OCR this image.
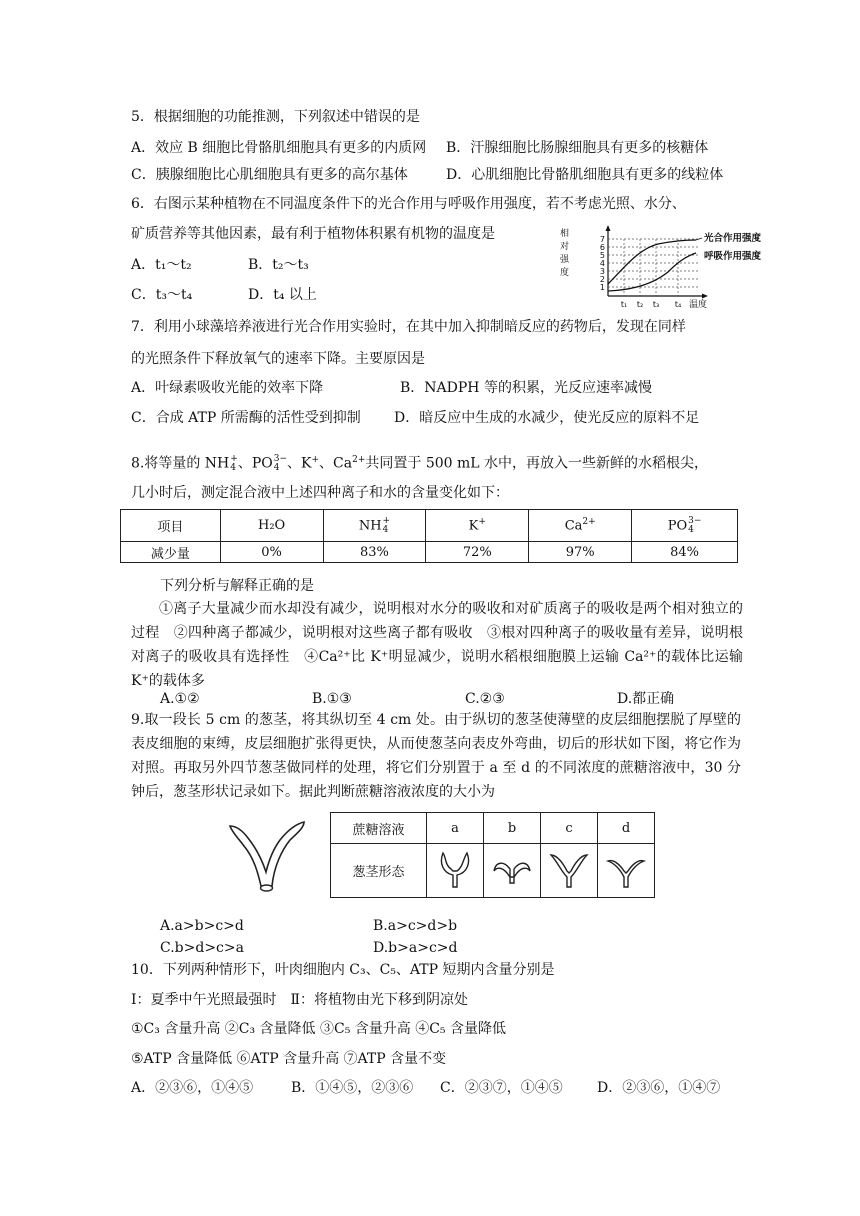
5．根据细胞的功能推测，下列叙述中错误的是
A．效应 B 细胞比骨骼肌细胞具有更多的内质网 B．汗腺细胞比肠腺细胞具有更多的核糖体
C．胰腺细胞比心肌细胞具有更多的高尔基体	D．心肌细胞比骨骼肌细胞具有更多的线粒体
6．右图示某种植物在不同温度条件下的光合作用与呼吸作用强度，若不考虑光照、水分、
矿质营养等其他因素，最有利于植物体积累有机物的温度是
A．t₁～t₂	B．t₂～t₃
C．t₃～t₄	D．t₄ 以上
相对强度
1
2
3
4
5
6
7
t₁ t₂ t₃ t₄ 温度
光合作用强度
呼吸作用强度
7．利用小球藻培养液进行光合作用实验时，在其中加入抑制暗反应的药物后，发现在同样
的光照条件下释放氧气的速率下降。主要原因是
A．叶绿素吸收光能的效率下降	B．NADPH 等的积累，光反应速率减慢
C．合成 ATP 所需酶的活性受到抑制 D．暗反应中生成的水减少，使光反应的原料不足
8.将等量的 NH +
4 、PO 3−
4 、K+、$Ca^{2+}$共同置于 500 mL 水中，再放入一些新鲜的水稻根尖，
几小时后，测定混合液中上述四种离子和水的含量变化如下：
项目	H₂O	NH +
4	K+	$Ca^{2+}$	PO 3−
4

减少量	0%	83%	72%	97%	84%
下列分析与解释正确的是
①离子大量减少而水却没有减少，说明根对水分的吸收和对矿质离子的吸收是两个相对独立的过程　②四种离子都减少，说明根对这些离子都有吸收　③根对四种离子的吸收量有差异，说明根对离子的吸收具有选择性　④Ca²⁺比 K⁺明显减少，说明水稻根细胞膜上运输 Ca²⁺的载体比运输 K⁺的载体多
A.①②	B.①③	C.②③	D.都正确
9.取一段长 5 cm 的葱茎，将其纵切至 4 cm 处。由于纵切的葱茎使薄壁的皮层细胞摆脱了厚壁的表皮细胞的束缚，皮层细胞扩张得更快，从而使葱茎向表皮外弯曲，切后的形状如下图，将它作为对照。再取另外四节葱茎做同样的处理，将它们分别置于 a 至 d 的不同浓度的蔗糖溶液中，30 分钟后，葱茎形状记录如下。据此判断蔗糖溶液浓度的大小为
蔗糖溶液	a	b	c	d
葱茎形态				
A.a>b>c>d	B.a>c>d>b
C.b>d>c>a	D.b>a>c>d
10．下列两种情形下，叶肉细胞内 C₃、C₅、ATP 短期内含量分别是
Ⅰ：夏季中午光照最强时　Ⅱ：将植物由光下移到阴凉处
①C₃ 含量升高 ②C₃ 含量降低 ③C₅ 含量升高 ④C₅ 含量降低
⑤ATP 含量降低 ⑥ATP 含量升高 ⑦ATP 含量不变
A．②③⑥，①④⑤	B．①④⑤，②③⑥ C．②③⑦，①④⑤ D．②③⑥，①④⑦
